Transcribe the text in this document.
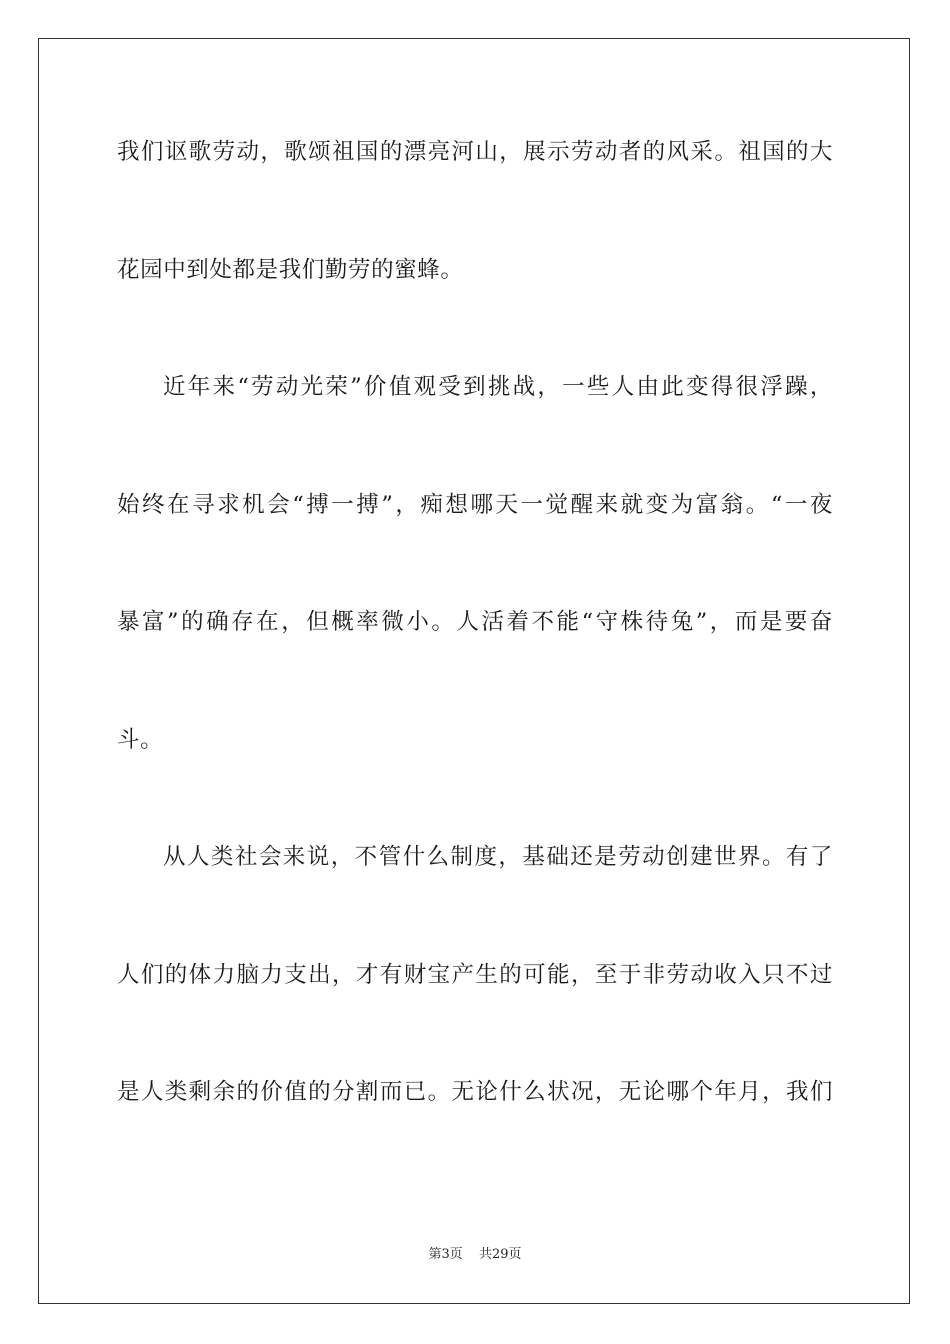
我们讴歌劳动，歌颂祖国的漂亮河山，展示劳动者的风采。祖国的大
花园中到处都是我们勤劳的蜜蜂。
近年来“劳动光荣”价值观受到挑战，一些人由此变得很浮躁，
始终在寻求机会“搏一搏”，痴想哪天一觉醒来就变为富翁。“一夜
暴富”的确存在，但概率微小。人活着不能“守株待兔”，而是要奋
斗。
从人类社会来说，不管什么制度，基础还是劳动创建世界。有了
人们的体力脑力支出，才有财宝产生的可能，至于非劳动收入只不过
是人类剩余的价值的分割而已。无论什么状况，无论哪个年月，我们
第3页 共29页
